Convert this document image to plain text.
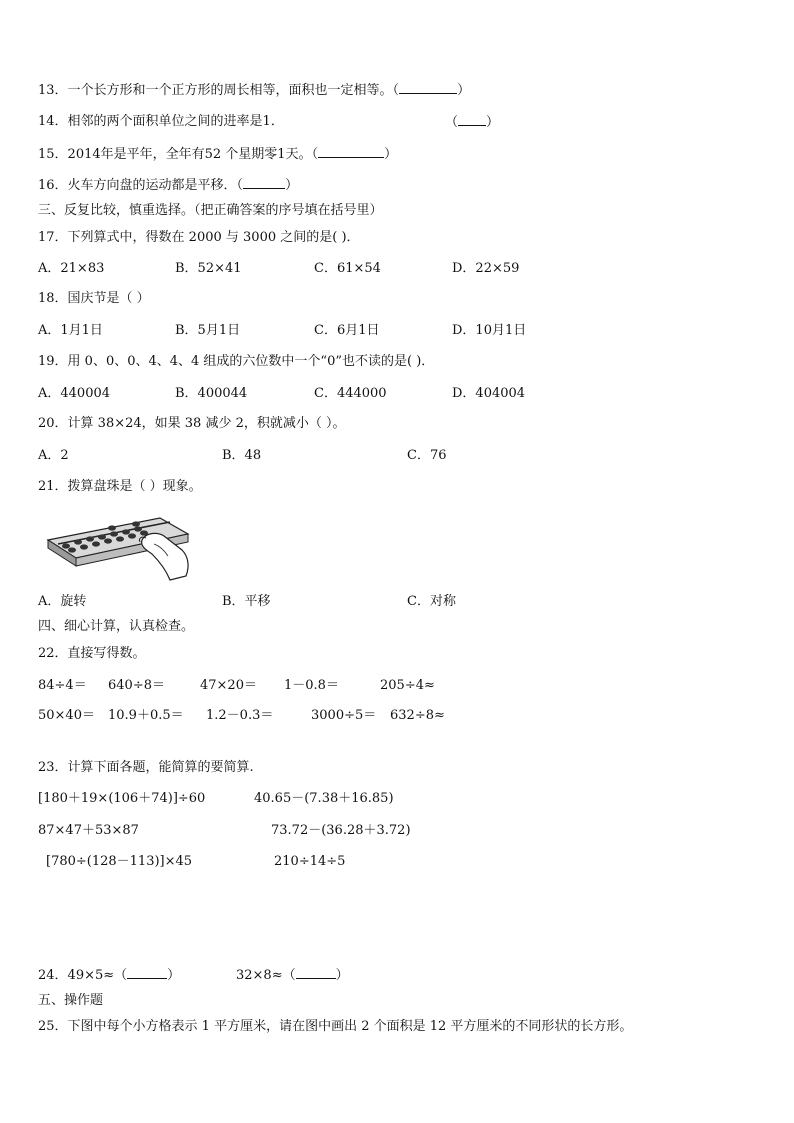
13．一个长方形和一个正方形的周长相等，面积也一定相等。（	）
14．相邻的两个面积单位之间的进率是1．	（ ）
15．2014年是平年，全年有52 个星期零1天。（	）
16．火车方向盘的运动都是平移．（	）
三、反复比较，慎重选择。（把正确答案的序号填在括号里）
17．下列算式中，得数在 2000 与 3000 之间的是( )．
A．21×83	B．52×41	C．61×54	D．22×59
18．国庆节是（ ）
A．1月1日	B．5月1日	C．6月1日	D．10月1日
19．用 0、0、0、4、4、4 组成的六位数中一个“0”也不读的是( )．
A．440004	B．400044	C．444000	D．404004
20．计算 38×24，如果 38 减少 2，积就减小（ ）。
A．2	B．48	C．76
21．拨算盘珠是（ ）现象。
A．旋转	B．平移	C．对称
四、细心计算，认真检查。
22．直接写得数。
84÷4＝ 640÷8＝	47×20＝ 1－0.8＝	205÷4≈
50×40＝ 10.9＋0.5＝ 1.2－0.3＝	3000÷5＝ 632÷8≈
23．计算下面各题，能简算的要简算.
[180＋19×(106＋74)]÷60	40.65－(7.38＋16.85)
87×47＋53×87	73.72－(36.28＋3.72)
[780÷(128－113)]×45	210÷14÷5
24．49×5≈（	）	32×8≈（	）
五、操作题
25．下图中每个小方格表示 1 平方厘米，请在图中画出 2 个面积是 12 平方厘米的不同形状的长方形。
